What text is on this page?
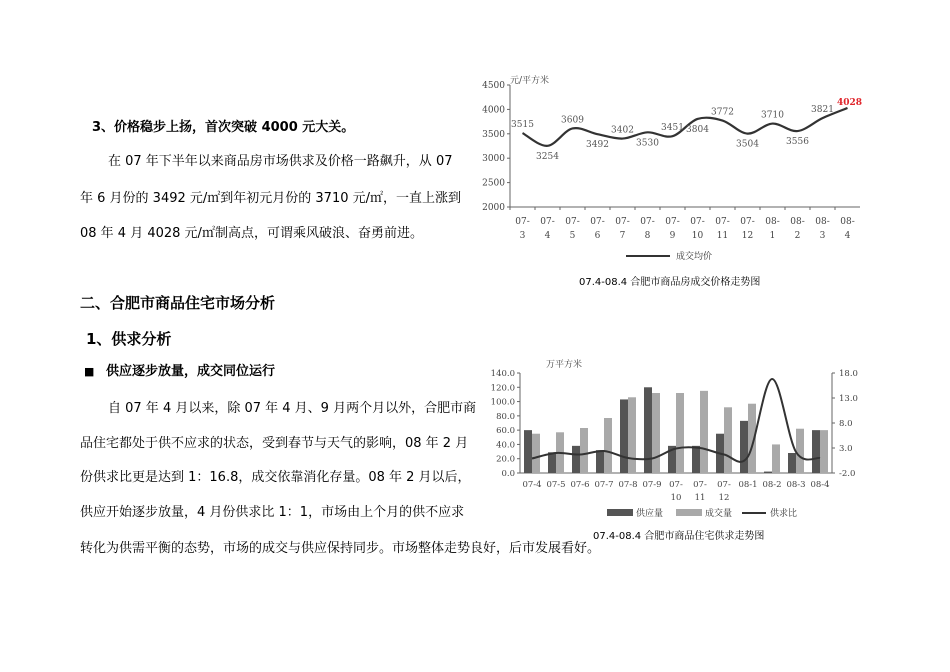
3、价格稳步上扬，首次突破 4000 元大关。
在 07 年下半年以来商品房市场供求及价格一路飙升，从 07
年 6 月份的 3492 元/㎡到年初元月份的 3710 元/㎡，一直上涨到
08 年 4 月 4028 元/㎡制高点，可谓乘风破浪、奋勇前进。
元/平方米
4500
4000
3500
3000
2500
2000
3515
3254
3609
3492
3402
3530
3451 3804
3772
3504
3710
3556
3821
4028
07-
3
07-
4
07-
5
07-
6
07-
7
07-
8
07-
9
07-
10
07-
11
07-
12
08-
1
08-
2
08-
3
08-
4
成交均价
07.4-08.4 合肥市商品房成交价格走势图
二、合肥市商品住宅市场分析
1、供求分析
■ 供应逐步放量，成交同位运行
自 07 年 4 月以来，除 07 年 4 月、9 月两个月以外，合肥市商
品住宅都处于供不应求的状态，受到春节与天气的影响，08 年 2 月
份供求比更是达到 1：16.8，成交依靠消化存量。08 年 2 月以后，
供应开始逐步放量，4 月份供求比 1：1，市场由上个月的供不应求
转化为供需平衡的态势，市场的成交与供应保持同步。市场整体走势良好，后市发展看好。
万平方米
140.0
120.0
100.0
80.0
60.0
40.0
20.0
0.0
18.0
13.0
8.0
3.0
-2.0
07-4 07-5 07-6 07-7 07-8 07-9 07-
10
07-
11
07-
12
08-1 08-2 08-3 08-4
供应量	成交量	供求比
07.4-08.4 合肥市商品住宅供求走势图
